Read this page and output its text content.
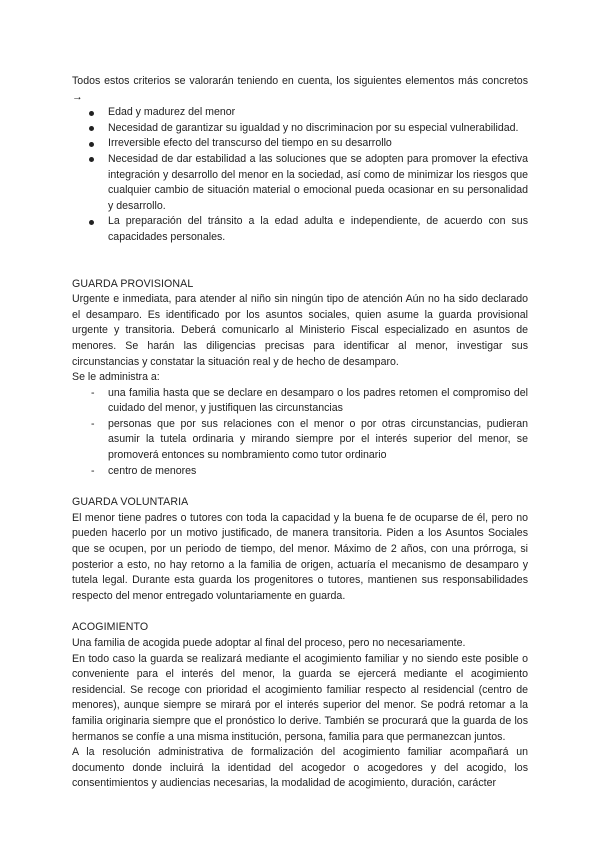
Todos estos criterios se valorarán teniendo en cuenta, los siguientes elementos más concretos →

Edad y madurez del menor
Necesidad de garantizar su igualdad y no discriminacion por su especial vulnerabilidad.
Irreversible efecto del transcurso del tiempo en su desarrollo
Necesidad de dar estabilidad a las soluciones que se adopten para promover la efectiva integración y desarrollo del menor en la sociedad, así como de minimizar los riesgos que cualquier cambio de situación material o emocional pueda ocasionar en su personalidad y desarrollo.
La preparación del tránsito a la edad adulta e independiente, de acuerdo con sus capacidades personales.

GUARDA PROVISIONAL

Urgente e inmediata, para atender al niño sin ningún tipo de atención Aún no ha sido declarado el desamparo. Es identificado por los asuntos sociales, quien asume la guarda provisional urgente y transitoria. Deberá comunicarlo al Ministerio Fiscal especializado en asuntos de menores. Se harán las diligencias precisas para identificar al menor, investigar sus circunstancias y constatar la situación real y de hecho de desamparo.

Se le administra a:

- una familia hasta que se declare en desamparo o los padres retomen el compromiso del cuidado del menor, y justifiquen las circunstancias
- personas que por sus relaciones con el menor o por otras circunstancias, pudieran asumir la tutela ordinaria y mirando siempre por el interés superior del menor, se promoverá entonces su nombramiento como tutor ordinario
- centro de menores

GUARDA VOLUNTARIA

El menor tiene padres o tutores con toda la capacidad y la buena fe de ocuparse de él, pero no pueden hacerlo por un motivo justificado, de manera transitoria. Piden a los Asuntos Sociales que se ocupen, por un periodo de tiempo, del menor. Máximo de 2 años, con una prórroga, si posterior a esto, no hay retorno a la familia de origen, actuaría el mecanismo de desamparo y tutela legal. Durante esta guarda los progenitores o tutores, mantienen sus responsabilidades respecto del menor entregado voluntariamente en guarda.

ACOGIMIENTO

Una familia de acogida puede adoptar al final del proceso, pero no necesariamente.

En todo caso la guarda se realizará mediante el acogimiento familiar y no siendo este posible o conveniente para el interés del menor, la guarda se ejercerá mediante el acogimiento residencial. Se recoge con prioridad el acogimiento familiar respecto al residencial (centro de menores), aunque siempre se mirará por el interés superior del menor. Se podrá retomar a la familia originaria siempre que el pronóstico lo derive. También se procurará que la guarda de los hermanos se confíe a una misma institución, persona, familia para que permanezcan juntos.

A la resolución administrativa de formalización del acogimiento familiar acompañará un documento donde incluirá la identidad del acogedor o acogedores y del acogido, los consentimientos y audiencias necesarias, la modalidad de acogimiento, duración, carácter
